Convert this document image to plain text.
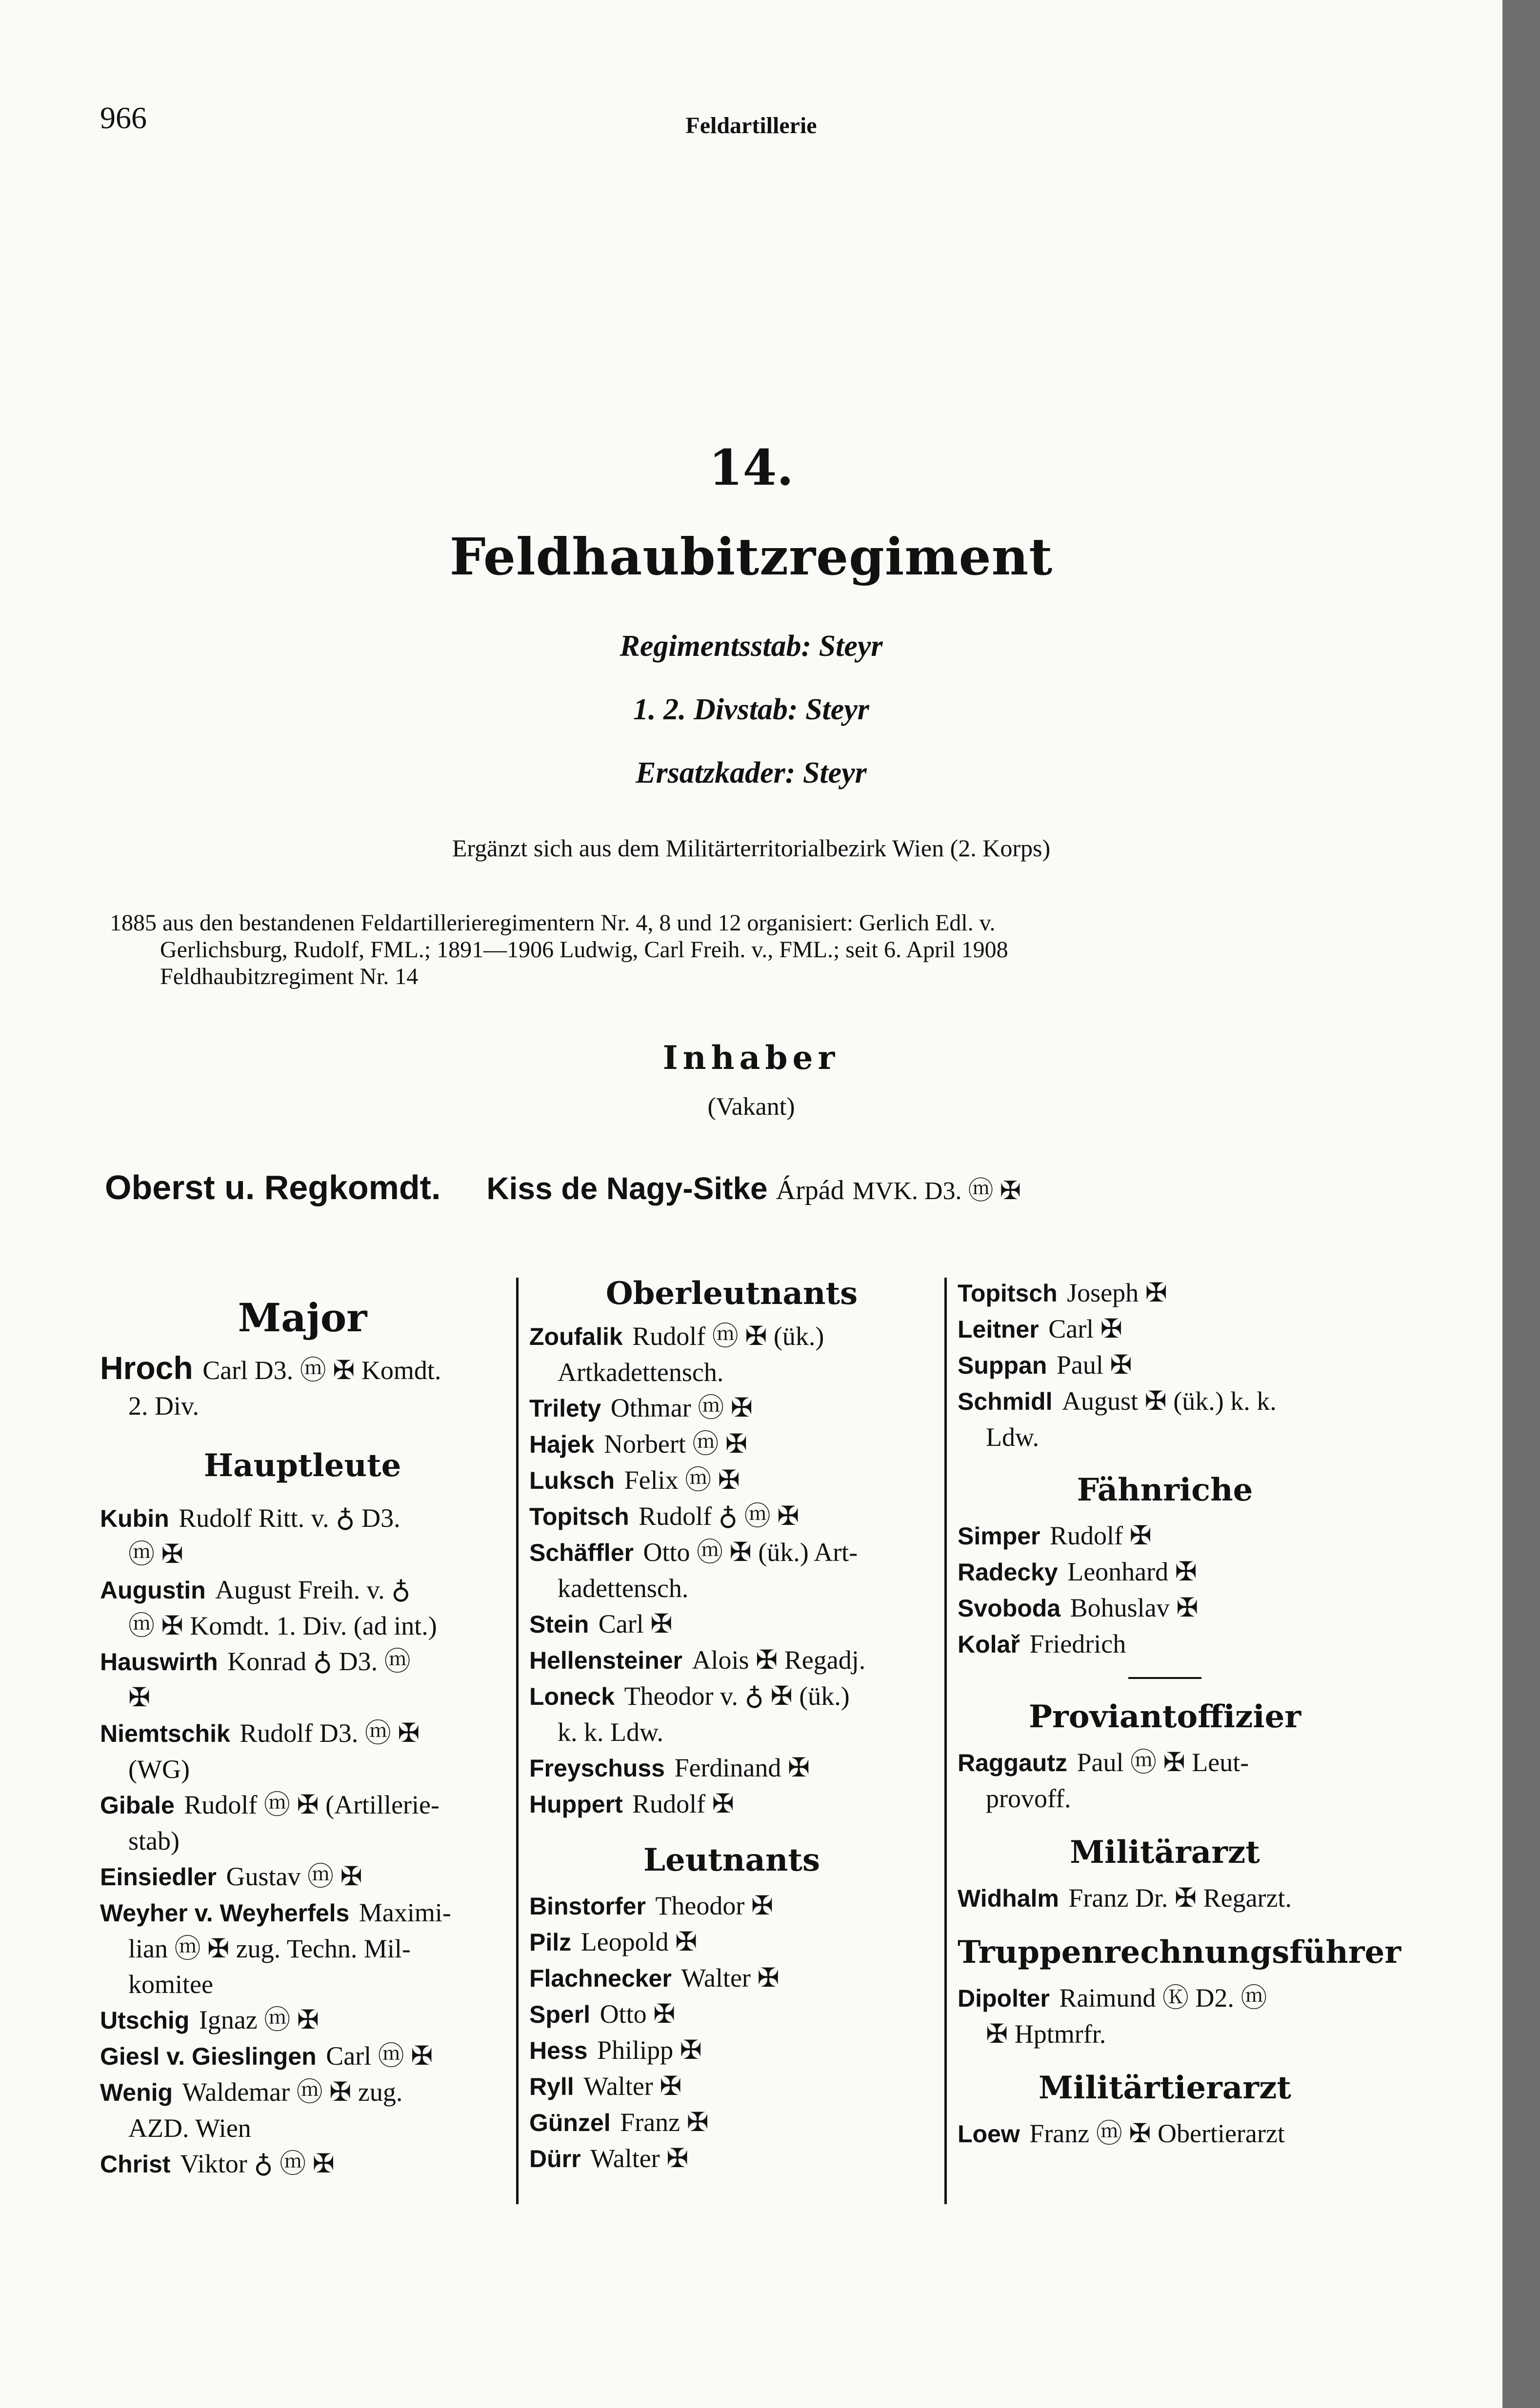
966	Feldartillerie
14.
Feldhaubitzregiment
Regimentsstab: Steyr
1. 2. Divstab: Steyr
Ersatzkader: Steyr
Ergänzt sich aus dem Militärterritorialbezirk Wien (2. Korps)
1885 aus den bestandenen Feldartillerieregimentern Nr. 4, 8 und 12 organisiert: Gerlich Edl. v.
Gerlichsburg, Rudolf, FML.; 1891—1906 Ludwig, Carl Freih. v., FML.; seit 6. April 1908
Feldhaubitzregiment Nr. 14
Inhaber
(Vakant)
Oberst u. Regkomdt. Kiss de Nagy-Sitke Árpád MVK. D3. ⓜ ✠
Major
Hroch Carl D3. ⓜ ✠ Komdt.
2. Div.
Hauptleute
Kubin Rudolf Ritt. v. ♁ D3.
ⓜ ✠
Augustin August Freih. v. ♁
ⓜ ✠ Komdt. 1. Div. (ad int.)
Hauswirth Konrad ♁ D3. ⓜ
✠
Niemtschik Rudolf D3. ⓜ ✠
(WG)
Gibale Rudolf ⓜ ✠ (Artillerie-
stab)
Einsiedler Gustav ⓜ ✠
Weyher v. Weyherfels Maximi-
lian ⓜ ✠ zug. Techn. Mil-
komitee
Utschig Ignaz ⓜ ✠
Giesl v. Gieslingen Carl ⓜ ✠
Wenig Waldemar ⓜ ✠ zug.
AZD. Wien
Christ Viktor ♁ ⓜ ✠
Oberleutnants
Zoufalik Rudolf ⓜ ✠ (ük.)
Artkadettensch.
Trilety Othmar ⓜ ✠
Hajek Norbert ⓜ ✠
Luksch Felix ⓜ ✠
Topitsch Rudolf ♁ ⓜ ✠
Schäffler Otto ⓜ ✠ (ük.) Art-
kadettensch.
Stein Carl ✠
Hellensteiner Alois ✠ Regadj.
Loneck Theodor v. ♁ ✠ (ük.)
k. k. Ldw.
Freyschuss Ferdinand ✠
Huppert Rudolf ✠
Leutnants
Binstorfer Theodor ✠
Pilz Leopold ✠
Flachnecker Walter ✠
Sperl Otto ✠
Hess Philipp ✠
Ryll Walter ✠
Günzel Franz ✠
Dürr Walter ✠
Topitsch Joseph ✠
Leitner Carl ✠
Suppan Paul ✠
Schmidl August ✠ (ük.) k. k.
Ldw.
Fähnriche
Simper Rudolf ✠
Radecky Leonhard ✠
Svoboda Bohuslav ✠
Kolař Friedrich
Proviantoffizier
Raggautz Paul ⓜ ✠ Leut-
provoff.
Militärarzt
Widhalm Franz Dr. ✠ Regarzt.
Truppenrechnungsführer
Dipolter Raimund Ⓚ D2. ⓜ
✠ Hptmrfr.
Militärtierarzt
Loew Franz ⓜ ✠ Obertierarzt
